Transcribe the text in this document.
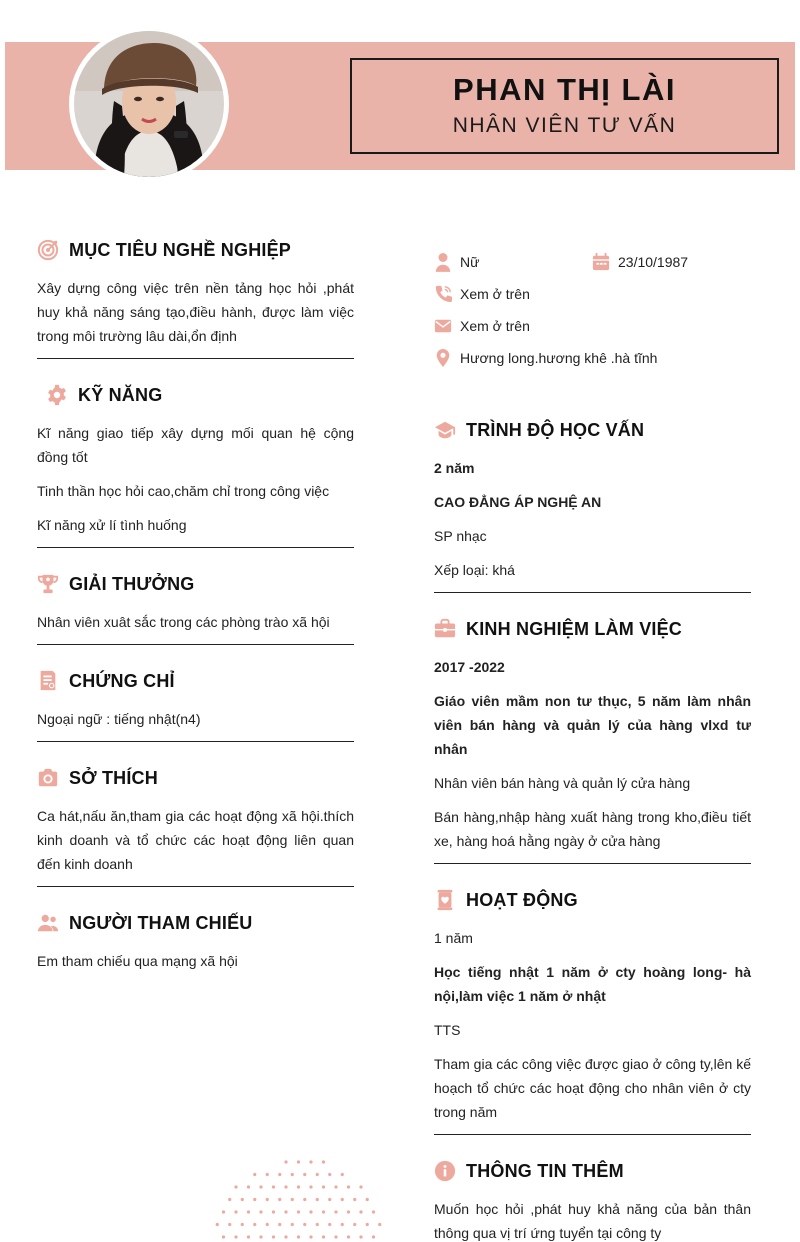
PHAN THỊ LÀI
NHÂN VIÊN TƯ VẤN
MỤC TIÊU NGHỀ NGHIỆP

Xây dựng công việc trên nền tảng học hỏi ,phát huy khả năng sáng tạo,điều hành, được làm việc trong môi trường lâu dài,ổn định

KỸ NĂNG

Kĩ năng giao tiếp xây dựng mối quan hệ cộng đồng tốt

Tinh thần học hỏi cao,chăm chỉ trong công việc

Kĩ năng xử lí tình huống

GIẢI THƯỞNG

Nhân viên xuât sắc trong các phòng trào xã hội

CHỨNG CHỈ

Ngoại ngữ : tiếng nhật(n4)

SỞ THÍCH

Ca hát,nấu ăn,tham gia các hoạt động xã hội.thích kinh doanh và tổ chức các hoạt động liên quan đến kinh doanh

NGƯỜI THAM CHIẾU

Em tham chiếu qua mạng xã hội

Nữ	23/10/1987
Xem ở trên
Xem ở trên
Hương long.hương khê .hà tĩnh
TRÌNH ĐỘ HỌC VẤN

2 năm

CAO ĐẲNG ÁP NGHỆ AN

SP nhạc

Xếp loại: khá

KINH NGHIỆM LÀM VIỆC

2017 -2022

Giáo viên mầm non tư thục, 5 năm làm nhân viên bán hàng và quản lý của hàng vlxd tư nhân

Nhân viên bán hàng và quản lý cửa hàng

Bán hàng,nhập hàng xuất hàng trong kho,điều tiết xe, hàng hoá hằng ngày ở cửa hàng

HOẠT ĐỘNG

1 năm

Học tiếng nhật 1 năm ở cty hoàng long- hà nội,làm việc 1 năm ở nhật

TTS

Tham gia các công việc được giao ở công ty,lên kế hoạch tổ chức các hoạt động cho nhân viên ở cty trong năm

THÔNG TIN THÊM

Muốn học hỏi ,phát huy khả năng của bản thân thông qua vị trí ứng tuyển tại công ty
